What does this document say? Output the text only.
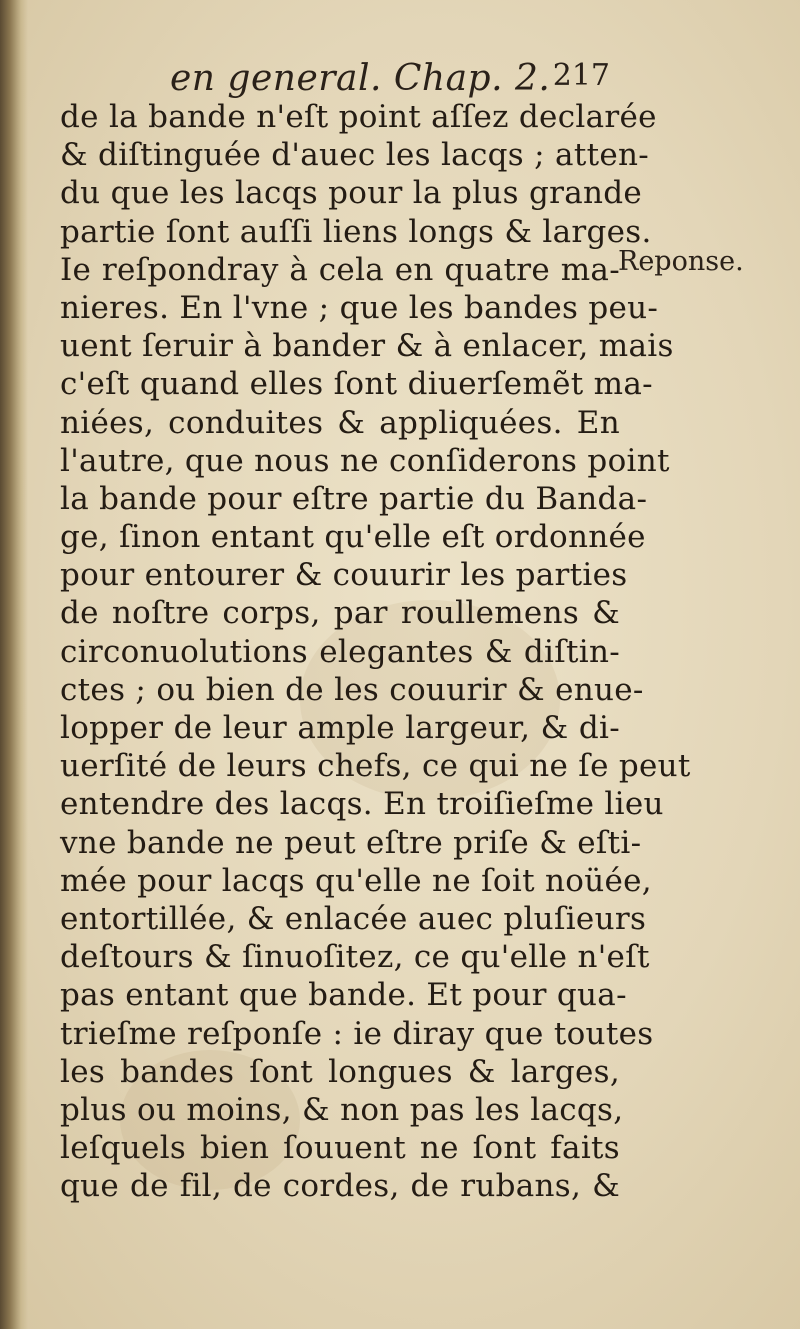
en general. Chap. 2. 217
Reponse.
de la bande n'eſt point aſſez declarée
& diſtinguée d'auec les lacqs ; atten-
du que les lacqs pour la plus grande
partie ſont auſſi liens longs & larges.
Ie reſpondray à cela en quatre ma-
nieres. En l'vne ; que les bandes peu-
uent ſeruir à bander & à enlacer, mais
c'eſt quand elles ſont diuerſemẽt ma-
niées, conduites & appliquées. En
l'autre, que nous ne conſiderons point
la bande pour eſtre partie du Banda-
ge, ſinon entant qu'elle eſt ordonnée
pour entourer & couurir les parties
de noſtre corps, par roullemens &
circonuolutions elegantes & diſtin-
ctes ; ou bien de les couurir & enue-
lopper de leur ample largeur, & di-
uerſité de leurs chefs, ce qui ne ſe peut
entendre des lacqs. En troiſieſme lieu
vne bande ne peut eſtre priſe & eſti-
mée pour lacqs qu'elle ne ſoit noüée,
entortillée, & enlacée auec pluſieurs
deſtours & ſinuoſitez, ce qu'elle n'eſt
pas entant que bande. Et pour qua-
trieſme reſponſe : ie diray que toutes
les bandes ſont longues & larges,
plus ou moins, & non pas les lacqs,
leſquels bien ſouuent ne ſont faits
que de fil, de cordes, de rubans, &
